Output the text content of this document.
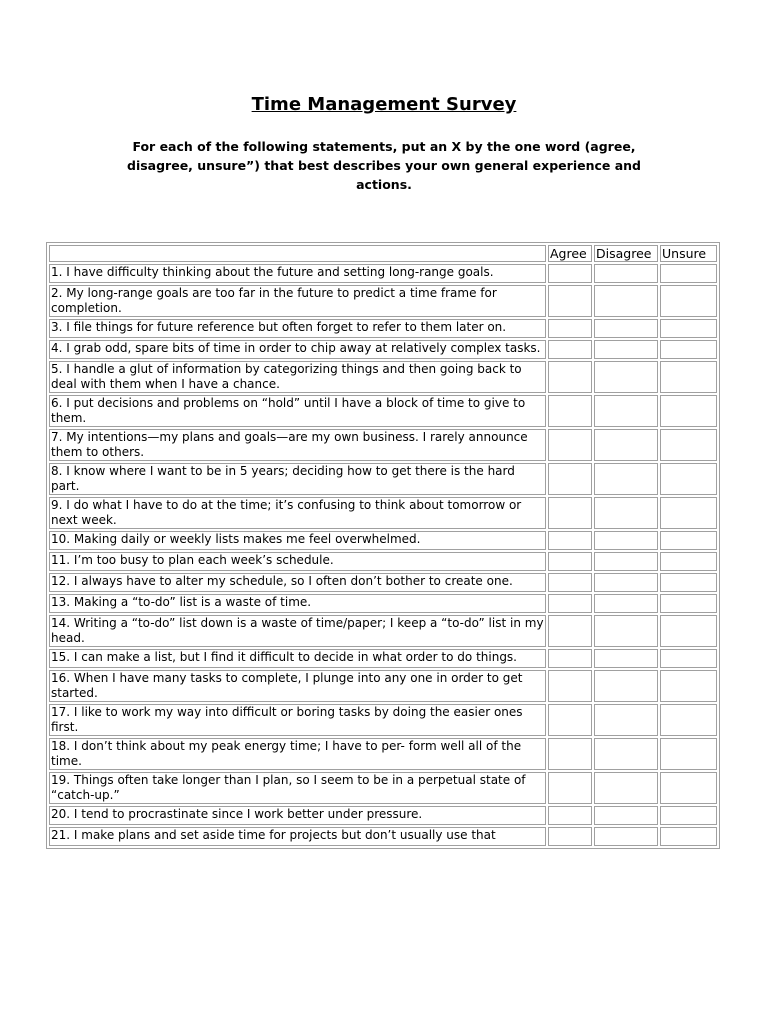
Time Management Survey

For each of the following statements, put an X by the one word (agree, disagree, unsure”) that best describes your own general experience and actions.

	Agree	Disagree	Unsure
1. I have difficulty thinking about the future and setting long-range goals.			
2. My long-range goals are too far in the future to predict a time frame for completion.			
3. I file things for future reference but often forget to refer to them later on.			
4. I grab odd, spare bits of time in order to chip away at relatively complex tasks.			
5. I handle a glut of information by categorizing things and then going back to deal with them when I have a chance.			
6. I put decisions and problems on “hold” until I have a block of time to give to them.			
7. My intentions—my plans and goals—are my own business. I rarely announce them to others.			
8. I know where I want to be in 5 years; deciding how to get there is the hard part.			
9. I do what I have to do at the time; it’s confusing to think about tomorrow or next week.			
10. Making daily or weekly lists makes me feel overwhelmed.			
11. I’m too busy to plan each week’s schedule.			
12. I always have to alter my schedule, so I often don’t bother to create one.			
13. Making a “to-do” list is a waste of time.			
14. Writing a “to-do” list down is a waste of time/paper; I keep a “to-do” list in my head.			
15. I can make a list, but I find it difficult to decide in what order to do things.			
16. When I have many tasks to complete, I plunge into any one in order to get started.			
17. I like to work my way into difficult or boring tasks by doing the easier ones first.			
18. I don’t think about my peak energy time; I have to per- form well all of the time.			
19. Things often take longer than I plan, so I seem to be in a perpetual state of “catch-up.”			
20. I tend to procrastinate since I work better under pressure.			
21. I make plans and set aside time for projects but don’t usually use that			
